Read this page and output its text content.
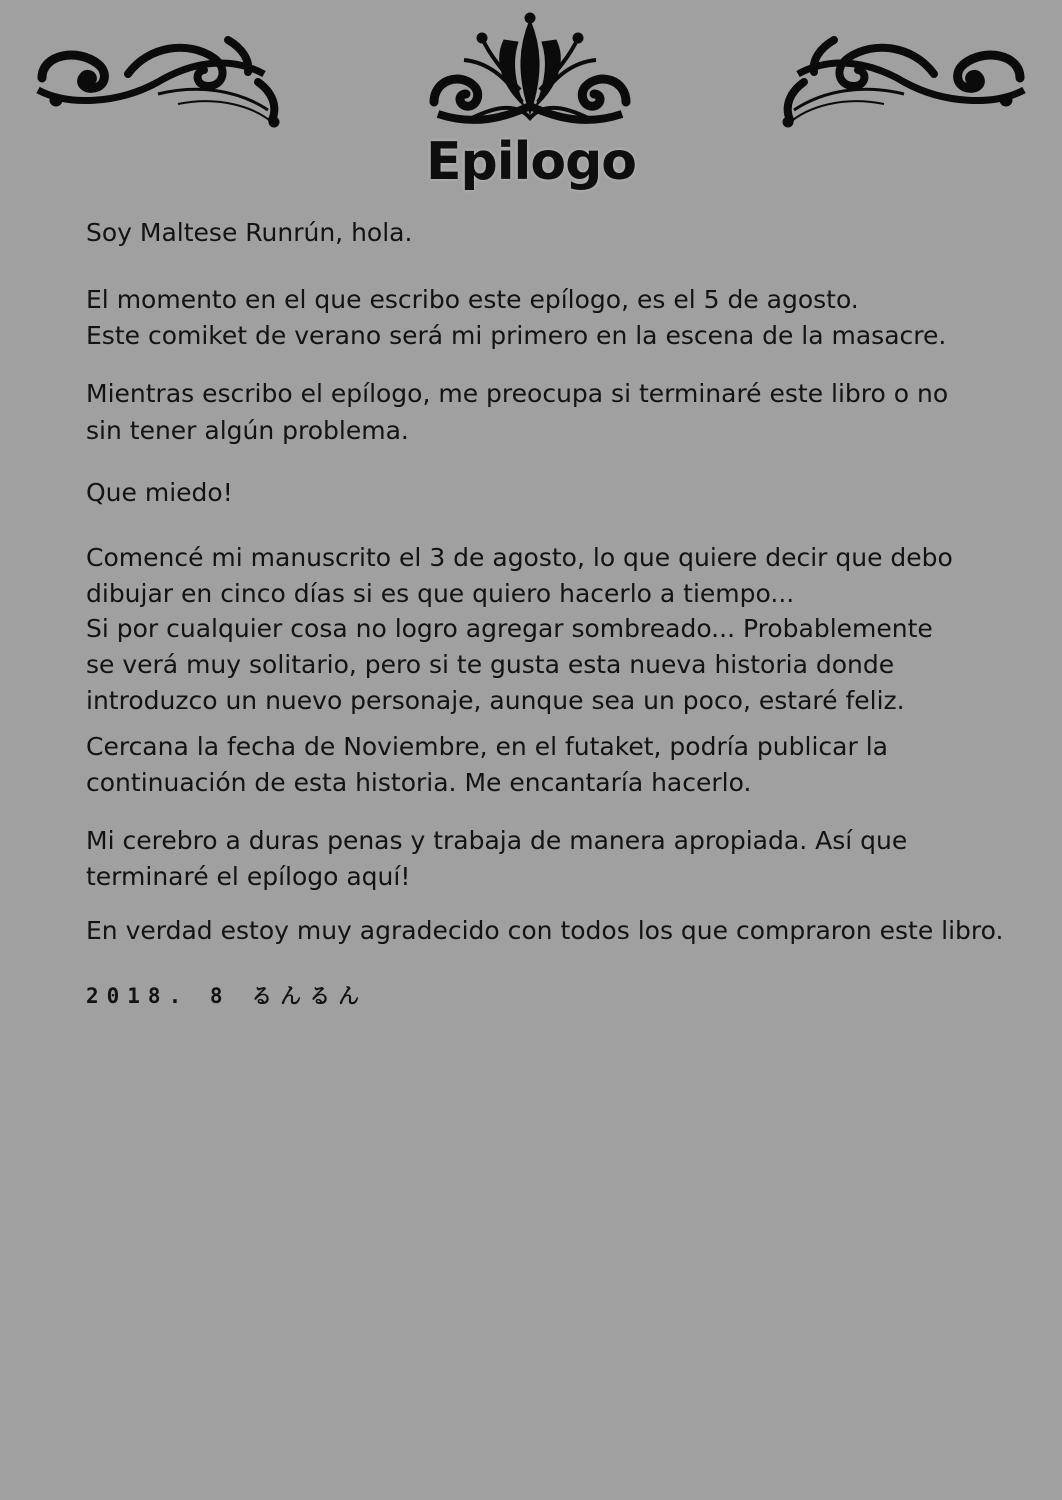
Epilogo
Soy Maltese Runrún, hola.
El momento en el que escribo este epílogo, es el 5 de agosto.
Este comiket de verano será mi primero en la escena de la masacre.
Mientras escribo el epílogo, me preocupa si terminaré este libro o no
sin tener algún problema.
Que miedo!
Comencé mi manuscrito el 3 de agosto, lo que quiere decir que debo
dibujar en cinco días si es que quiero hacerlo a tiempo...
Si por cualquier cosa no logro agregar sombreado... Probablemente
se verá muy solitario, pero si te gusta esta nueva historia donde
introduzco un nuevo personaje, aunque sea un poco, estaré feliz.
Cercana la fecha de Noviembre, en el futaket, podría publicar la
continuación de esta historia. Me encantaría hacerlo.
Mi cerebro a duras penas y trabaja de manera apropiada. Así que
terminaré el epílogo aquí!
En verdad estoy muy agradecido con todos los que compraron este libro.
2018. 8 るんるん
